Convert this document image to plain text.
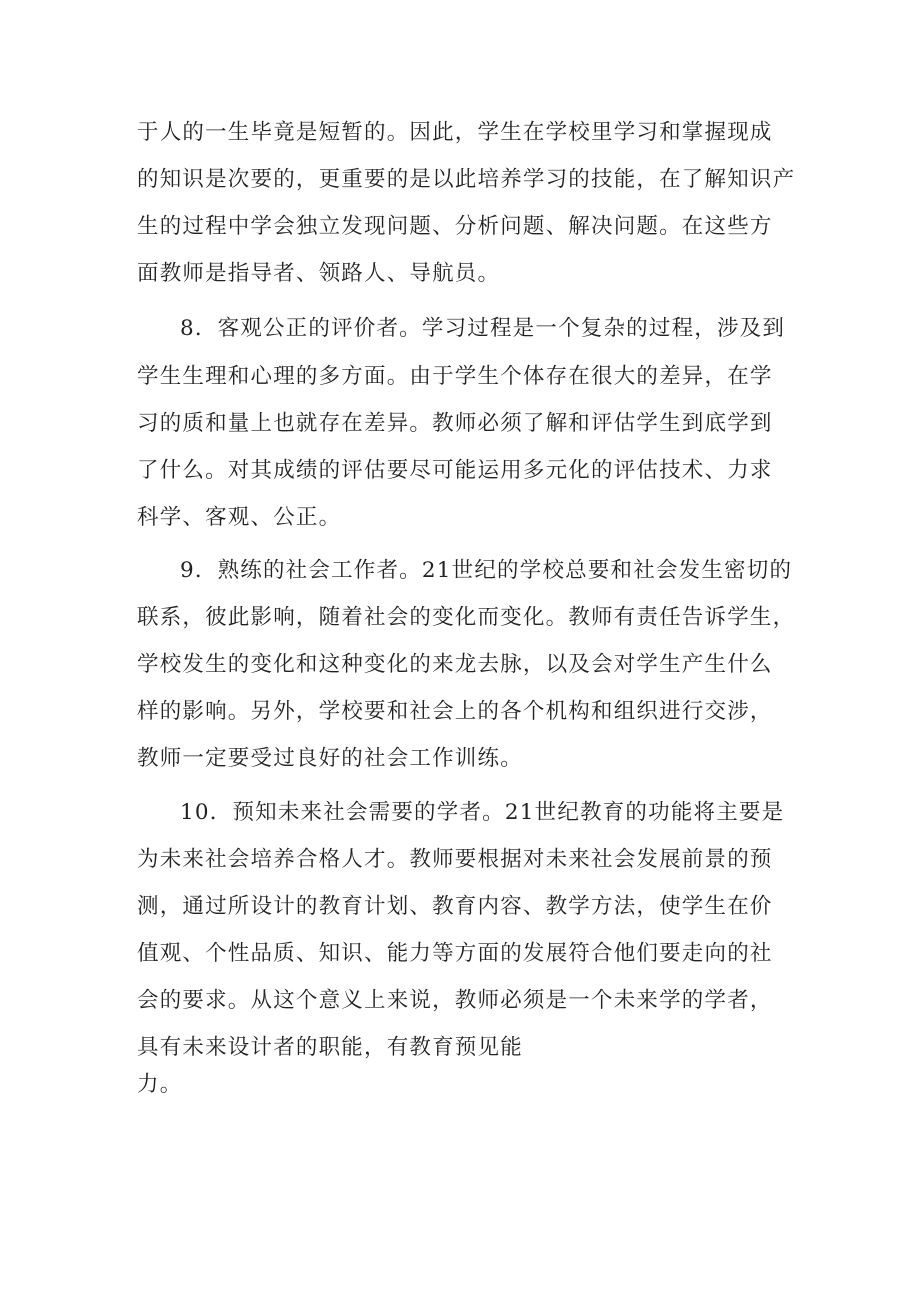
于人的一生毕竟是短暂的。因此，学生在学校里学习和掌握现成
的知识是次要的，更重要的是以此培养学习的技能，在了解知识产
生的过程中学会独立发现问题、分析问题、解决问题。在这些方
面教师是指导者、领路人、导航员。
8．客观公正的评价者。学习过程是一个复杂的过程，涉及到
学生生理和心理的多方面。由于学生个体存在很大的差异，在学
习的质和量上也就存在差异。教师必须了解和评估学生到底学到
了什么。对其成绩的评估要尽可能运用多元化的评估技术、力求
科学、客观、公正。
9．熟练的社会工作者。21世纪的学校总要和社会发生密切的
联系，彼此影响，随着社会的变化而变化。教师有责任告诉学生，
学校发生的变化和这种变化的来龙去脉，以及会对学生产生什么
样的影响。另外，学校要和社会上的各个机构和组织进行交涉，
教师一定要受过良好的社会工作训练。
10．预知未来社会需要的学者。21世纪教育的功能将主要是
为未来社会培养合格人才。教师要根据对未来社会发展前景的预
测，通过所设计的教育计划、教育内容、教学方法，使学生在价
值观、个性品质、知识、能力等方面的发展符合他们要走向的社
会的要求。从这个意义上来说，教师必须是一个未来学的学者，
具有未来设计者的职能，有教育预见能
力。
